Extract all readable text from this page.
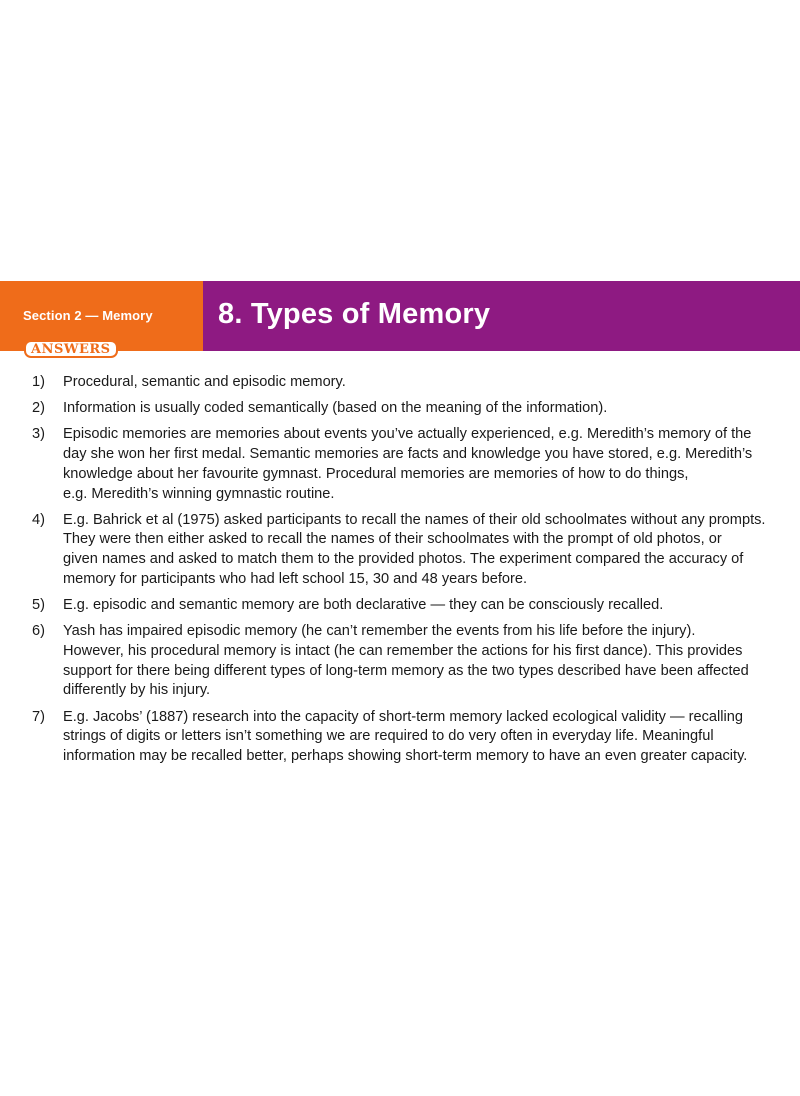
Section 2 — Memory
ANSWERS
8. Types of Memory
1)	Procedural, semantic and episodic memory.
2)	Information is usually coded semantically (based on the meaning of the information).
3)	Episodic memories are memories about events you’ve actually experienced, e.g. Meredith’s memory of the
day she won her first medal. Semantic memories are facts and knowledge you have stored, e.g. Meredith’s
knowledge about her favourite gymnast. Procedural memories are memories of how to do things,
e.g. Meredith’s winning gymnastic routine.
4)	E.g. Bahrick et al (1975) asked participants to recall the names of their old schoolmates without any prompts.
They were then either asked to recall the names of their schoolmates with the prompt of old photos, or
given names and asked to match them to the provided photos. The experiment compared the accuracy of
memory for participants who had left school 15, 30 and 48 years before.
5)	E.g. episodic and semantic memory are both declarative — they can be consciously recalled.
6)	Yash has impaired episodic memory (he can’t remember the events from his life before the injury).
However, his procedural memory is intact (he can remember the actions for his first dance). This provides
support for there being different types of long-term memory as the two types described have been affected
differently by his injury.
7)	E.g. Jacobs’ (1887) research into the capacity of short-term memory lacked ecological validity — recalling
strings of digits or letters isn’t something we are required to do very often in everyday life. Meaningful
information may be recalled better, perhaps showing short-term memory to have an even greater capacity.
